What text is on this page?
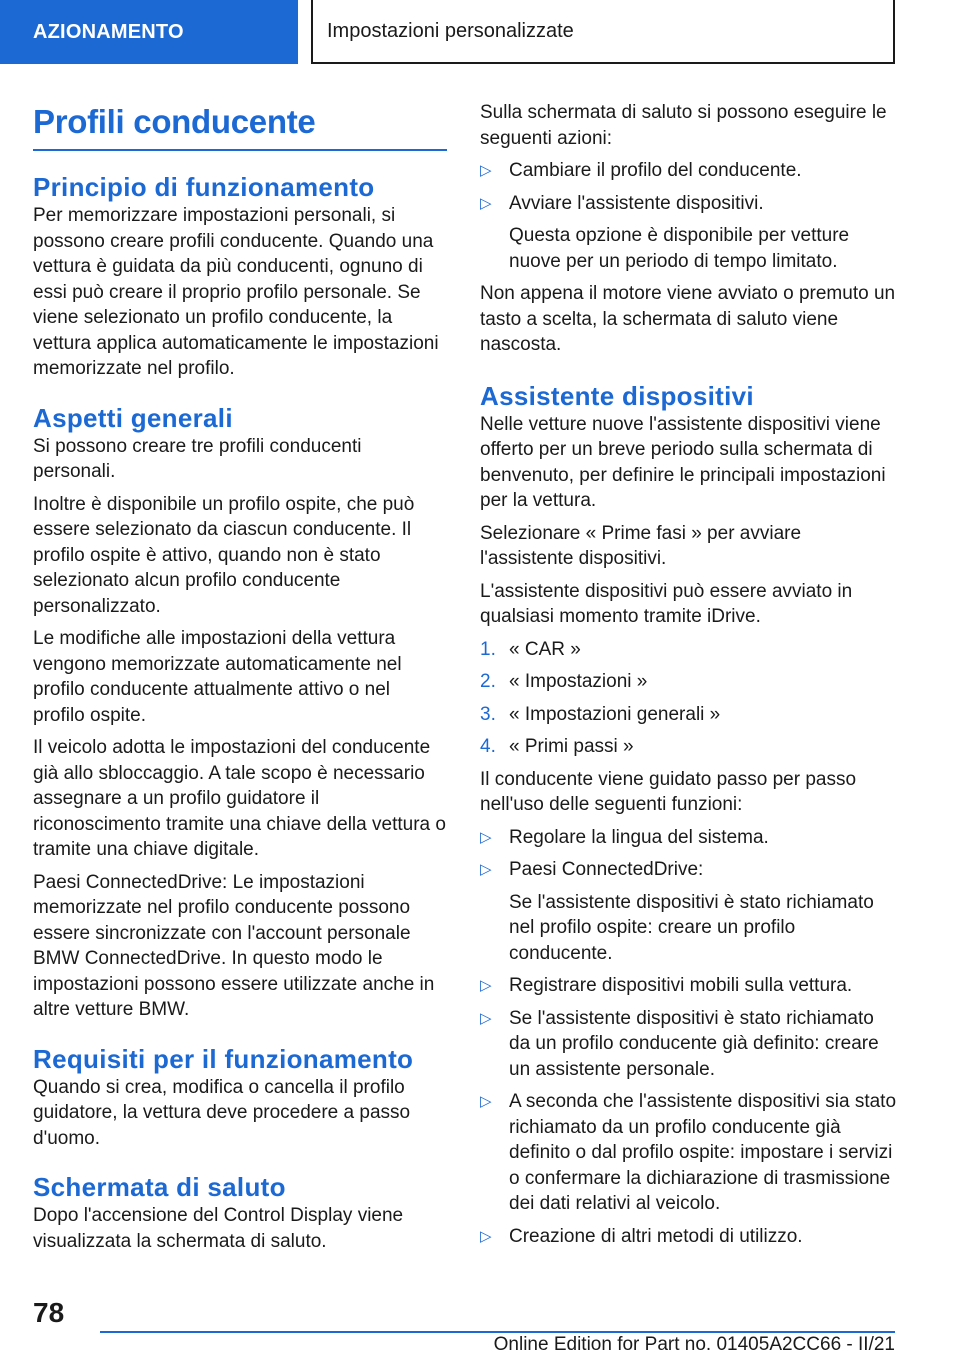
AZIONAMENTO	Impostazioni personalizzate
Profili conducente
Principio di funzionamento

Per memorizzare impostazioni personali, si possono creare profili conducente. Quando una vettura è guidata da più conducenti, ognuno di essi può creare il proprio profilo personale. Se viene selezionato un profilo conducente, la vettura applica automaticamente le impostazioni memorizzate nel profilo.

Aspetti generali

Si possono creare tre profili conducenti personali.

Inoltre è disponibile un profilo ospite, che può essere selezionato da ciascun conducente. Il profilo ospite è attivo, quando non è stato selezionato alcun profilo conducente personalizzato.

Le modifiche alle impostazioni della vettura vengono memorizzate automaticamente nel profilo conducente attualmente attivo o nel profilo ospite.

Il veicolo adotta le impostazioni del conducente già allo sbloccaggio. A tale scopo è necessario assegnare a un profilo guidatore il riconoscimento tramite una chiave della vettura o tramite una chiave digitale.

Paesi ConnectedDrive: Le impostazioni memorizzate nel profilo conducente possono essere sincronizzate con l'account personale BMW ConnectedDrive. In questo modo le impostazioni possono essere utilizzate anche in altre vetture BMW.

Requisiti per il funzionamento

Quando si crea, modifica o cancella il profilo guidatore, la vettura deve procedere a passo d'uomo.

Schermata di saluto

Dopo l'accensione del Control Display viene visualizzata la schermata di saluto.

Sulla schermata di saluto si possono eseguire le seguenti azioni:

▷ Cambiare il profilo del conducente.
▷ Avviare l'assistente dispositivi.

Questa opzione è disponibile per vetture nuove per un periodo di tempo limitato.

Non appena il motore viene avviato o premuto un tasto a scelta, la schermata di saluto viene nascosta.

Assistente dispositivi

Nelle vetture nuove l'assistente dispositivi viene offerto per un breve periodo sulla schermata di benvenuto, per definire le principali impostazioni per la vettura.

Selezionare « Prime fasi » per avviare l'assistente dispositivi.

L'assistente dispositivi può essere avviato in qualsiasi momento tramite iDrive.

1. « CAR »
2. « Impostazioni »
3. « Impostazioni generali »
4. « Primi passi »

Il conducente viene guidato passo per passo nell'uso delle seguenti funzioni:

▷ Regolare la lingua del sistema.
▷ Paesi ConnectedDrive:

Se l'assistente dispositivi è stato richiamato nel profilo ospite: creare un profilo conducente.

▷ Registrare dispositivi mobili sulla vettura.
▷ Se l'assistente dispositivi è stato richiamato da un profilo conducente già definito: creare un assistente personale.
▷ A seconda che l'assistente dispositivi sia stato richiamato da un profilo conducente già definito o dal profilo ospite: impostare i servizi o confermare la dichiarazione di trasmissione dei dati relativi al veicolo.
▷ Creazione di altri metodi di utilizzo.
78
Online Edition for Part no. 01405A2CC66 - II/21
